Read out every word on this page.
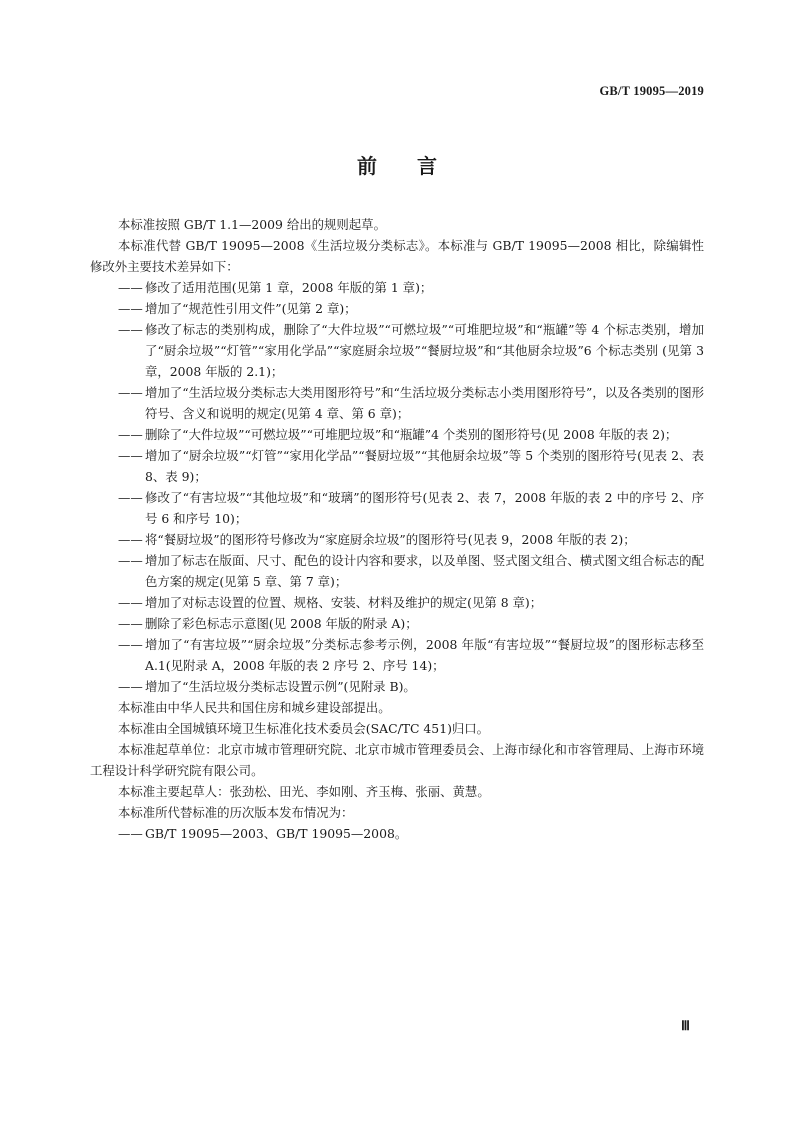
GB/T 19095—2019
前言

本标准按照 GB/T 1.1—2009 给出的规则起草。

本标准代替 GB/T 19095—2008《生活垃圾分类标志》。本标准与 GB/T 19095—2008 相比，除编辑性修改外主要技术差异如下：

—— 修改了适用范围(见第 1 章，2008 年版的第 1 章)；
—— 增加了“规范性引用文件”(见第 2 章)；
—— 修改了标志的类别构成，删除了“大件垃圾”“可燃垃圾”“可堆肥垃圾”和“瓶罐”等 4 个标志类别，增加了“厨余垃圾”“灯管”“家用化学品”“家庭厨余垃圾”“餐厨垃圾”和“其他厨余垃圾”6 个标志类别 (见第 3 章，2008 年版的 2.1)；
—— 增加了“生活垃圾分类标志大类用图形符号”和“生活垃圾分类标志小类用图形符号”，以及各类别的图形符号、含义和说明的规定(见第 4 章、第 6 章)；
—— 删除了“大件垃圾”“可燃垃圾”“可堆肥垃圾”和“瓶罐”4 个类别的图形符号(见 2008 年版的表 2)；
—— 增加了“厨余垃圾”“灯管”“家用化学品”“餐厨垃圾”“其他厨余垃圾”等 5 个类别的图形符号(见表 2、表 8、表 9)；
—— 修改了“有害垃圾”“其他垃圾”和“玻璃”的图形符号(见表 2、表 7，2008 年版的表 2 中的序号 2、序号 6 和序号 10)；
—— 将“餐厨垃圾”的图形符号修改为“家庭厨余垃圾”的图形符号(见表 9，2008 年版的表 2)；
—— 增加了标志在版面、尺寸、配色的设计内容和要求，以及单图、竖式图文组合、横式图文组合标志的配色方案的规定(见第 5 章、第 7 章)；
—— 增加了对标志设置的位置、规格、安装、材料及维护的规定(见第 8 章)；
—— 删除了彩色标志示意图(见 2008 年版的附录 A)；
—— 增加了“有害垃圾”“厨余垃圾”分类标志参考示例，2008 年版“有害垃圾”“餐厨垃圾”的图形标志移至 A.1(见附录 A，2008 年版的表 2 序号 2、序号 14)；
—— 增加了“生活垃圾分类标志设置示例”(见附录 B)。

本标准由中华人民共和国住房和城乡建设部提出。

本标准由全国城镇环境卫生标准化技术委员会(SAC/TC 451)归口。

本标准起草单位：北京市城市管理研究院、北京市城市管理委员会、上海市绿化和市容管理局、上海市环境工程设计科学研究院有限公司。

本标准主要起草人：张劲松、田光、李如刚、齐玉梅、张丽、黄慧。

本标准所代替标准的历次版本发布情况为：

—— GB/T 19095—2003、GB/T 19095—2008。
Ⅲ
